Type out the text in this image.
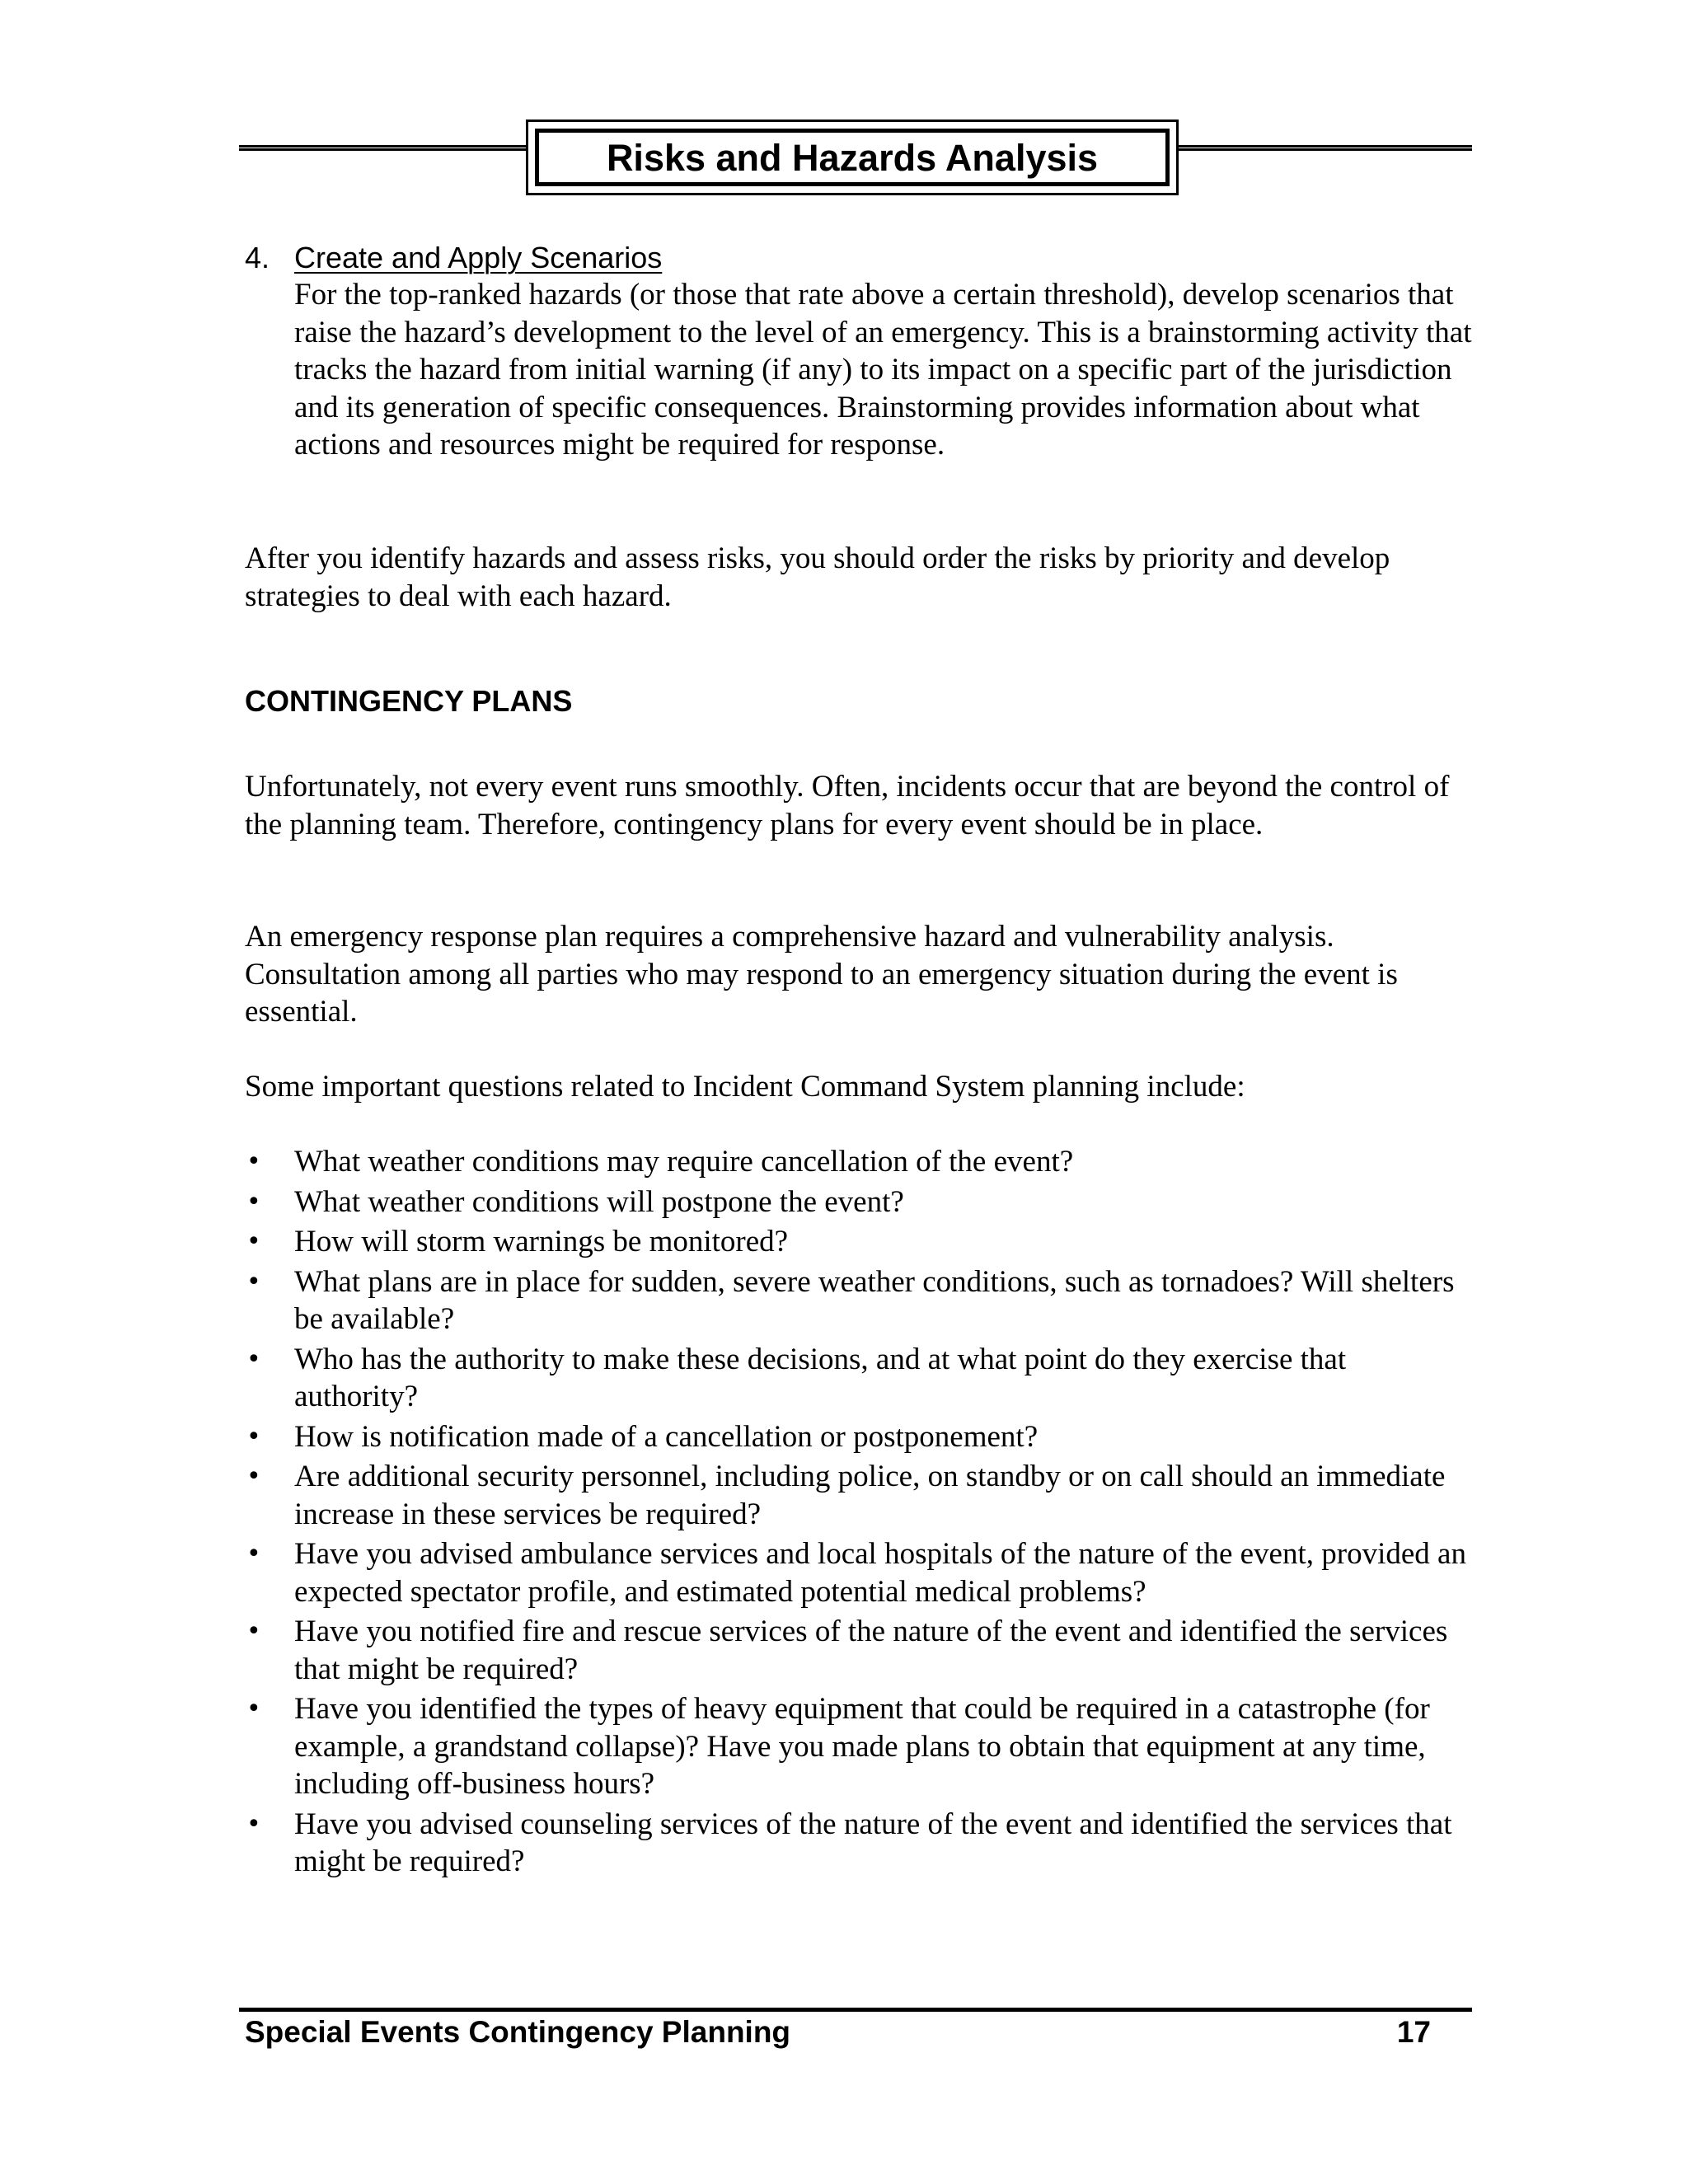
Risks and Hazards Analysis
4. Create and Apply Scenarios

For the top-ranked hazards (or those that rate above a certain threshold), develop scenarios that raise the hazard’s development to the level of an emergency. This is a brainstorming activity that tracks the hazard from initial warning (if any) to its impact on a specific part of the jurisdiction and its generation of specific consequences. Brainstorming provides information about what actions and resources might be required for response.

After you identify hazards and assess risks, you should order the risks by priority and develop strategies to deal with each hazard.

CONTINGENCY PLANS

Unfortunately, not every event runs smoothly. Often, incidents occur that are beyond the control of the planning team. Therefore, contingency plans for every event should be in place.

An emergency response plan requires a comprehensive hazard and vulnerability analysis. Consultation among all parties who may respond to an emergency situation during the event is essential.

Some important questions related to Incident Command System planning include:

• What weather conditions may require cancellation of the event?
• What weather conditions will postpone the event?
• How will storm warnings be monitored?
• What plans are in place for sudden, severe weather conditions, such as tornadoes? Will shelters be available?
• Who has the authority to make these decisions, and at what point do they exercise that authority?
• How is notification made of a cancellation or postponement?
• Are additional security personnel, including police, on standby or on call should an immediate increase in these services be required?
• Have you advised ambulance services and local hospitals of the nature of the event, provided an expected spectator profile, and estimated potential medical problems?
• Have you notified fire and rescue services of the nature of the event and identified the services that might be required?
• Have you identified the types of heavy equipment that could be required in a catastrophe (for example, a grandstand collapse)? Have you made plans to obtain that equipment at any time, including off-business hours?
• Have you advised counseling services of the nature of the event and identified the services that might be required?
Special Events Contingency Planning	17
